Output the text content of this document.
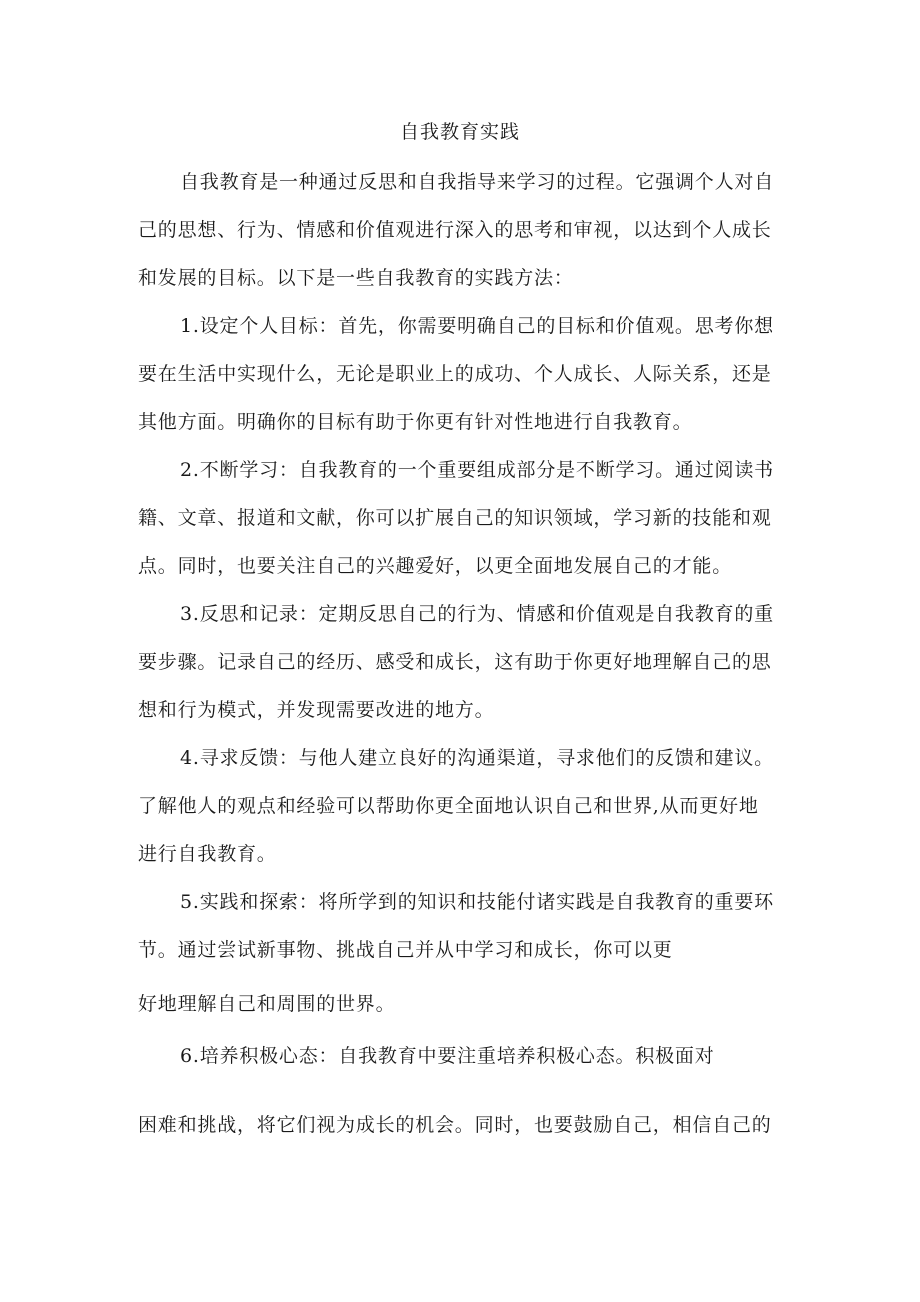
自我教育实践
自我教育是一种通过反思和自我指导来学习的过程。它强调个人对自
己的思想、行为、情感和价值观进行深入的思考和审视，以达到个人成长
和发展的目标。以下是一些自我教育的实践方法：
1.设定个人目标：首先，你需要明确自己的目标和价值观。思考你想
要在生活中实现什么，无论是职业上的成功、个人成长、人际关系，还是
其他方面。明确你的目标有助于你更有针对性地进行自我教育。
2.不断学习：自我教育的一个重要组成部分是不断学习。通过阅读书
籍、文章、报道和文献，你可以扩展自己的知识领域，学习新的技能和观
点。同时，也要关注自己的兴趣爱好，以更全面地发展自己的才能。
3.反思和记录：定期反思自己的行为、情感和价值观是自我教育的重
要步骤。记录自己的经历、感受和成长，这有助于你更好地理解自己的思
想和行为模式，并发现需要改进的地方。
4.寻求反馈：与他人建立良好的沟通渠道，寻求他们的反馈和建议。
了解他人的观点和经验可以帮助你更全面地认识自己和世界,从而更好地
进行自我教育。
5.实践和探索：将所学到的知识和技能付诸实践是自我教育的重要环
节。通过尝试新事物、挑战自己并从中学习和成长，你可以更
好地理解自己和周围的世界。
6.培养积极心态：自我教育中要注重培养积极心态。积极面对
困难和挑战，将它们视为成长的机会。同时，也要鼓励自己，相信自己的
